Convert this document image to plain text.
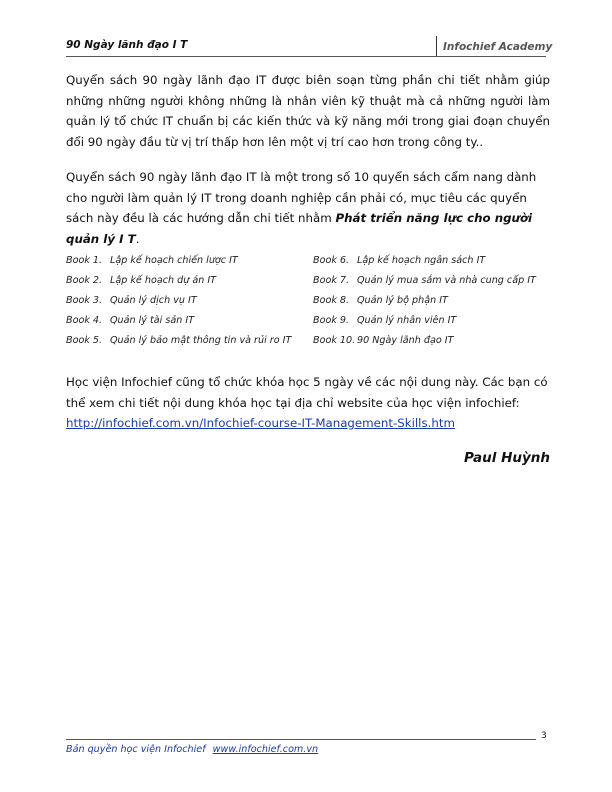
90 Ngày lãnh đạo I T	Infochief Academy

Quyển sách 90 ngày lãnh đạo IT được biên soạn từng phần chi tiết nhằm giúp những những người không những là nhân viên kỹ thuật mà cả những người làm quản lý tổ chức IT chuẩn bị các kiến thức và kỹ năng mới trong giai đoạn chuyển đổi 90 ngày đầu từ vị trí thấp hơn lên một vị trí cao hơn trong công ty..

Quyển sách 90 ngày lãnh đạo IT là một trong số 10 quyển sách cẩm nang dành cho người làm quản lý IT trong doanh nghiệp cần phải có, mục tiêu các quyển sách này đều là các hướng dẫn chi tiết nhằm Phát triển năng lực cho người quản lý I T.

Book 1. Lập kế hoạch chiến lược IT
Book 2. Lập kế hoạch dự án IT
Book 3. Quản lý dịch vụ IT
Book 4. Quản lý tài sản IT
Book 5. Quản lý bảo mật thông tin và rủi ro IT
Book 6. Lập kế hoạch ngân sách IT
Book 7. Quản lý mua sắm và nhà cung cấp IT
Book 8. Quản lý bộ phận IT
Book 9. Quản lý nhân viên IT
Book 10. 90 Ngày lãnh đạo IT
Học viện Infochief cũng tổ chức khóa học 5 ngày về các nội dung này. Các bạn có thể xem chi tiết nội dung khóa học tại địa chỉ website của học viện infochief:
http://infochief.com.vn/Infochief-course-IT-Management-Skills.htm
Paul Huỳnh
3
Bản quyền học viện Infochief www.infochief.com.vn
